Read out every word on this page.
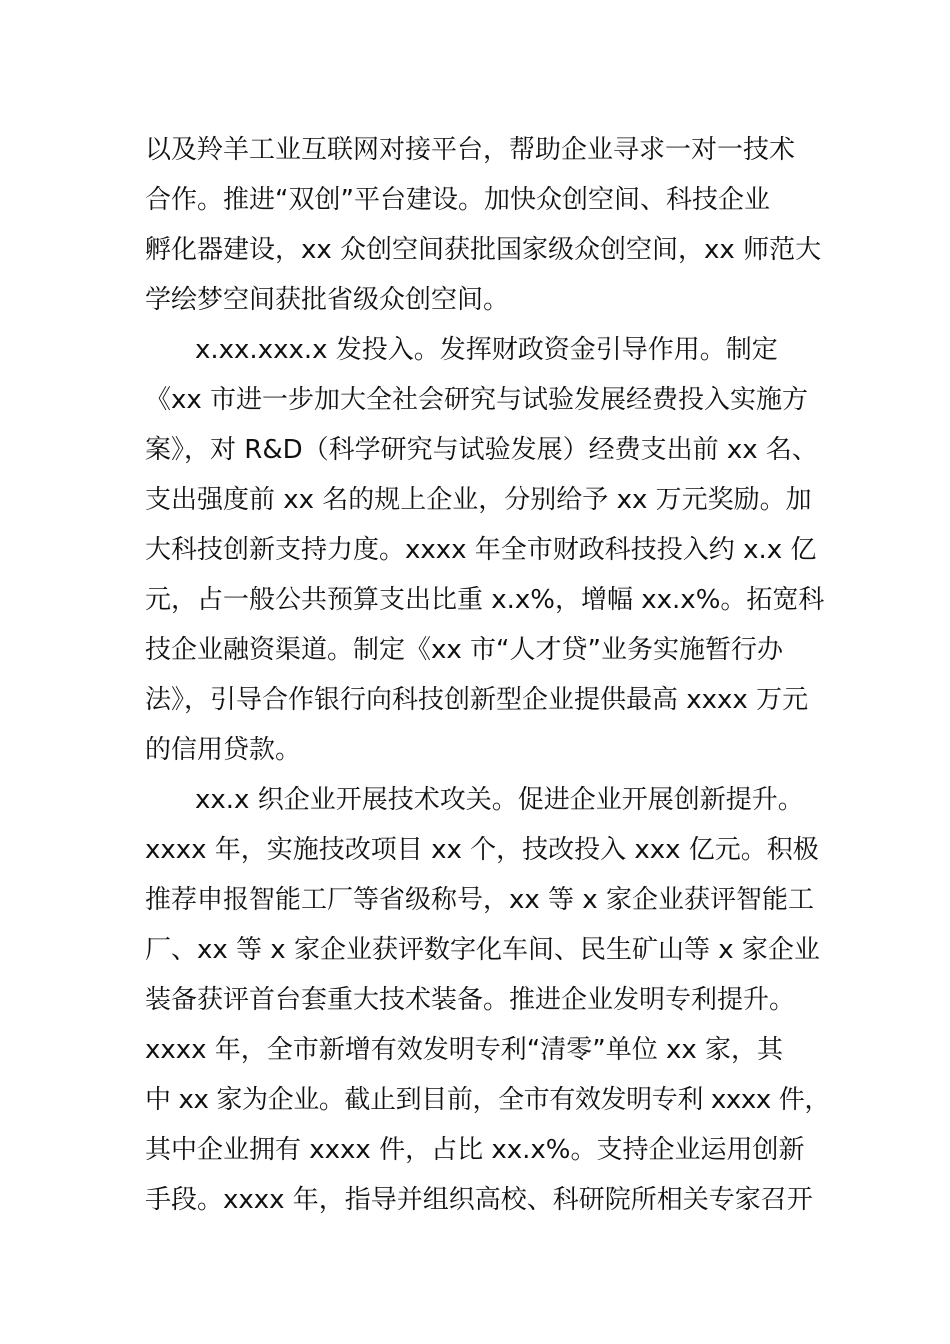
以及羚羊工业互联网对接平台，帮助企业寻求一对一技术
合作。推进“双创”平台建设。加快众创空间、科技企业
孵化器建设，xx 众创空间获批国家级众创空间，xx 师范大
学绘梦空间获批省级众创空间。
x.xx.xxx.x 发投入。发挥财政资金引导作用。制定
《xx 市进一步加大全社会研究与试验发展经费投入实施方
案》，对 R&D（科学研究与试验发展）经费支出前 xx 名、
支出强度前 xx 名的规上企业，分别给予 xx 万元奖励。加
大科技创新支持力度。xxxx 年全市财政科技投入约 x.x 亿
元，占一般公共预算支出比重 x.x%，增幅 xx.x%。拓宽科
技企业融资渠道。制定《xx 市“人才贷”业务实施暂行办
法》，引导合作银行向科技创新型企业提供最高 xxxx 万元
的信用贷款。
xx.x 织企业开展技术攻关。促进企业开展创新提升。
xxxx 年，实施技改项目 xx 个，技改投入 xxx 亿元。积极
推荐申报智能工厂等省级称号，xx 等 x 家企业获评智能工
厂、xx 等 x 家企业获评数字化车间、民生矿山等 x 家企业
装备获评首台套重大技术装备。推进企业发明专利提升。
xxxx 年，全市新增有效发明专利“清零”单位 xx 家，其
中 xx 家为企业。截止到目前，全市有效发明专利 xxxx 件，
其中企业拥有 xxxx 件，占比 xx.x%。支持企业运用创新
手段。xxxx 年，指导并组织高校、科研院所相关专家召开
